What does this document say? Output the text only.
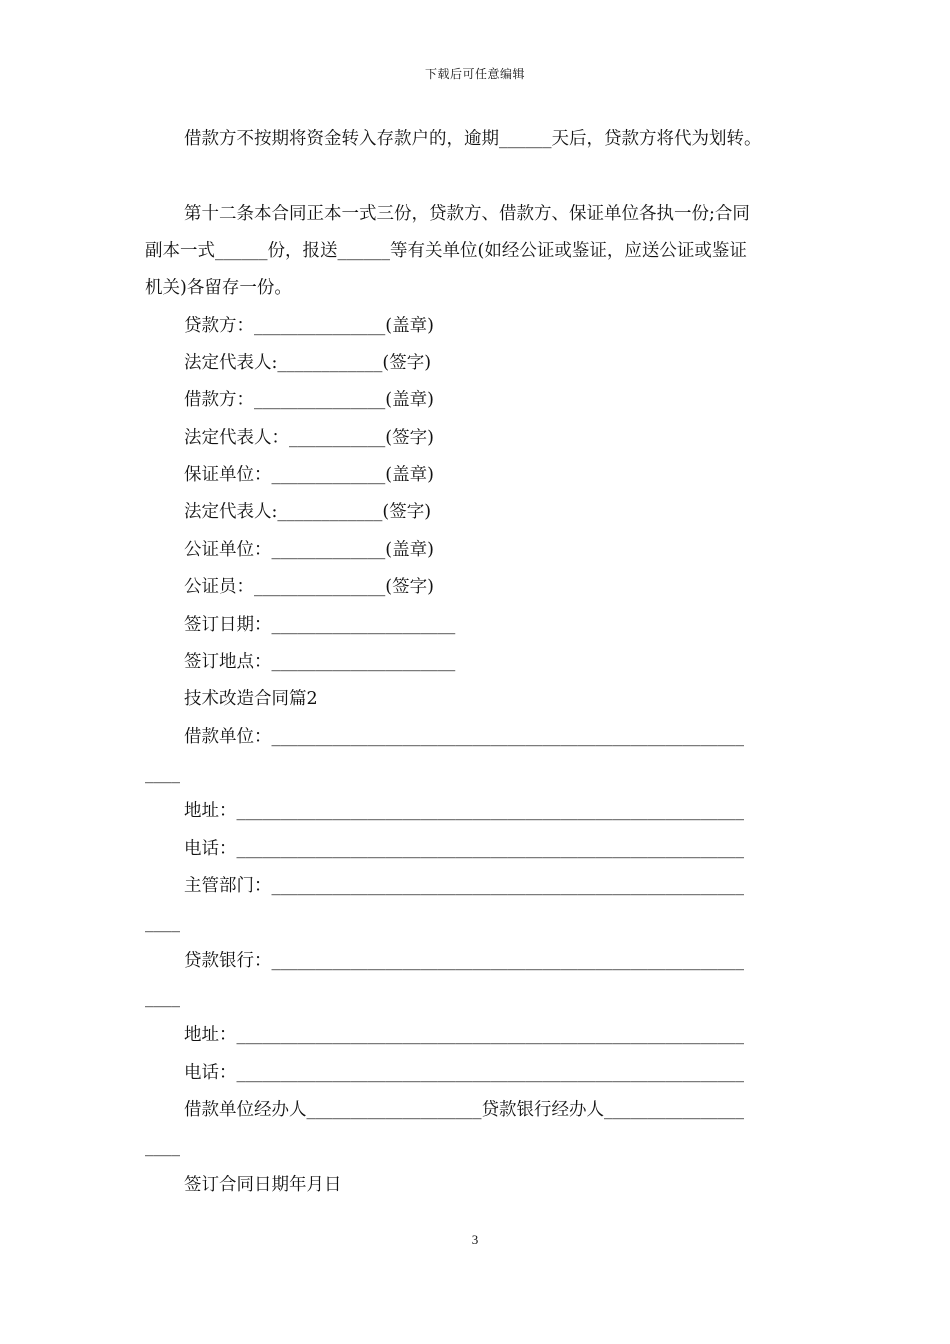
下载后可任意编辑
借款方不按期将资金转入存款户的，逾期______天后，贷款方将代为划转。
第十二条本合同正本一式三份，贷款方、借款方、保证单位各执一份;合同
副本一式______份，报送______等有关单位(如经公证或鉴证，应送公证或鉴证
机关)各留存一份。
贷款方：_______________(盖章)
法定代表人:____________(签字)
借款方：_______________(盖章)
法定代表人：___________(签字)
保证单位：_____________(盖章)
法定代表人:____________(签字)
公证单位：_____________(盖章)
公证员：_______________(签字)
签订日期：_____________________
签订地点：_____________________
技术改造合同篇2
借款单位：______________________________________________________
____
地址：__________________________________________________________
电话：__________________________________________________________
主管部门：______________________________________________________
____
贷款银行：______________________________________________________
____
地址：__________________________________________________________
电话：__________________________________________________________
借款单位经办人____________________贷款银行经办人________________
____
签订合同日期年月日
3
